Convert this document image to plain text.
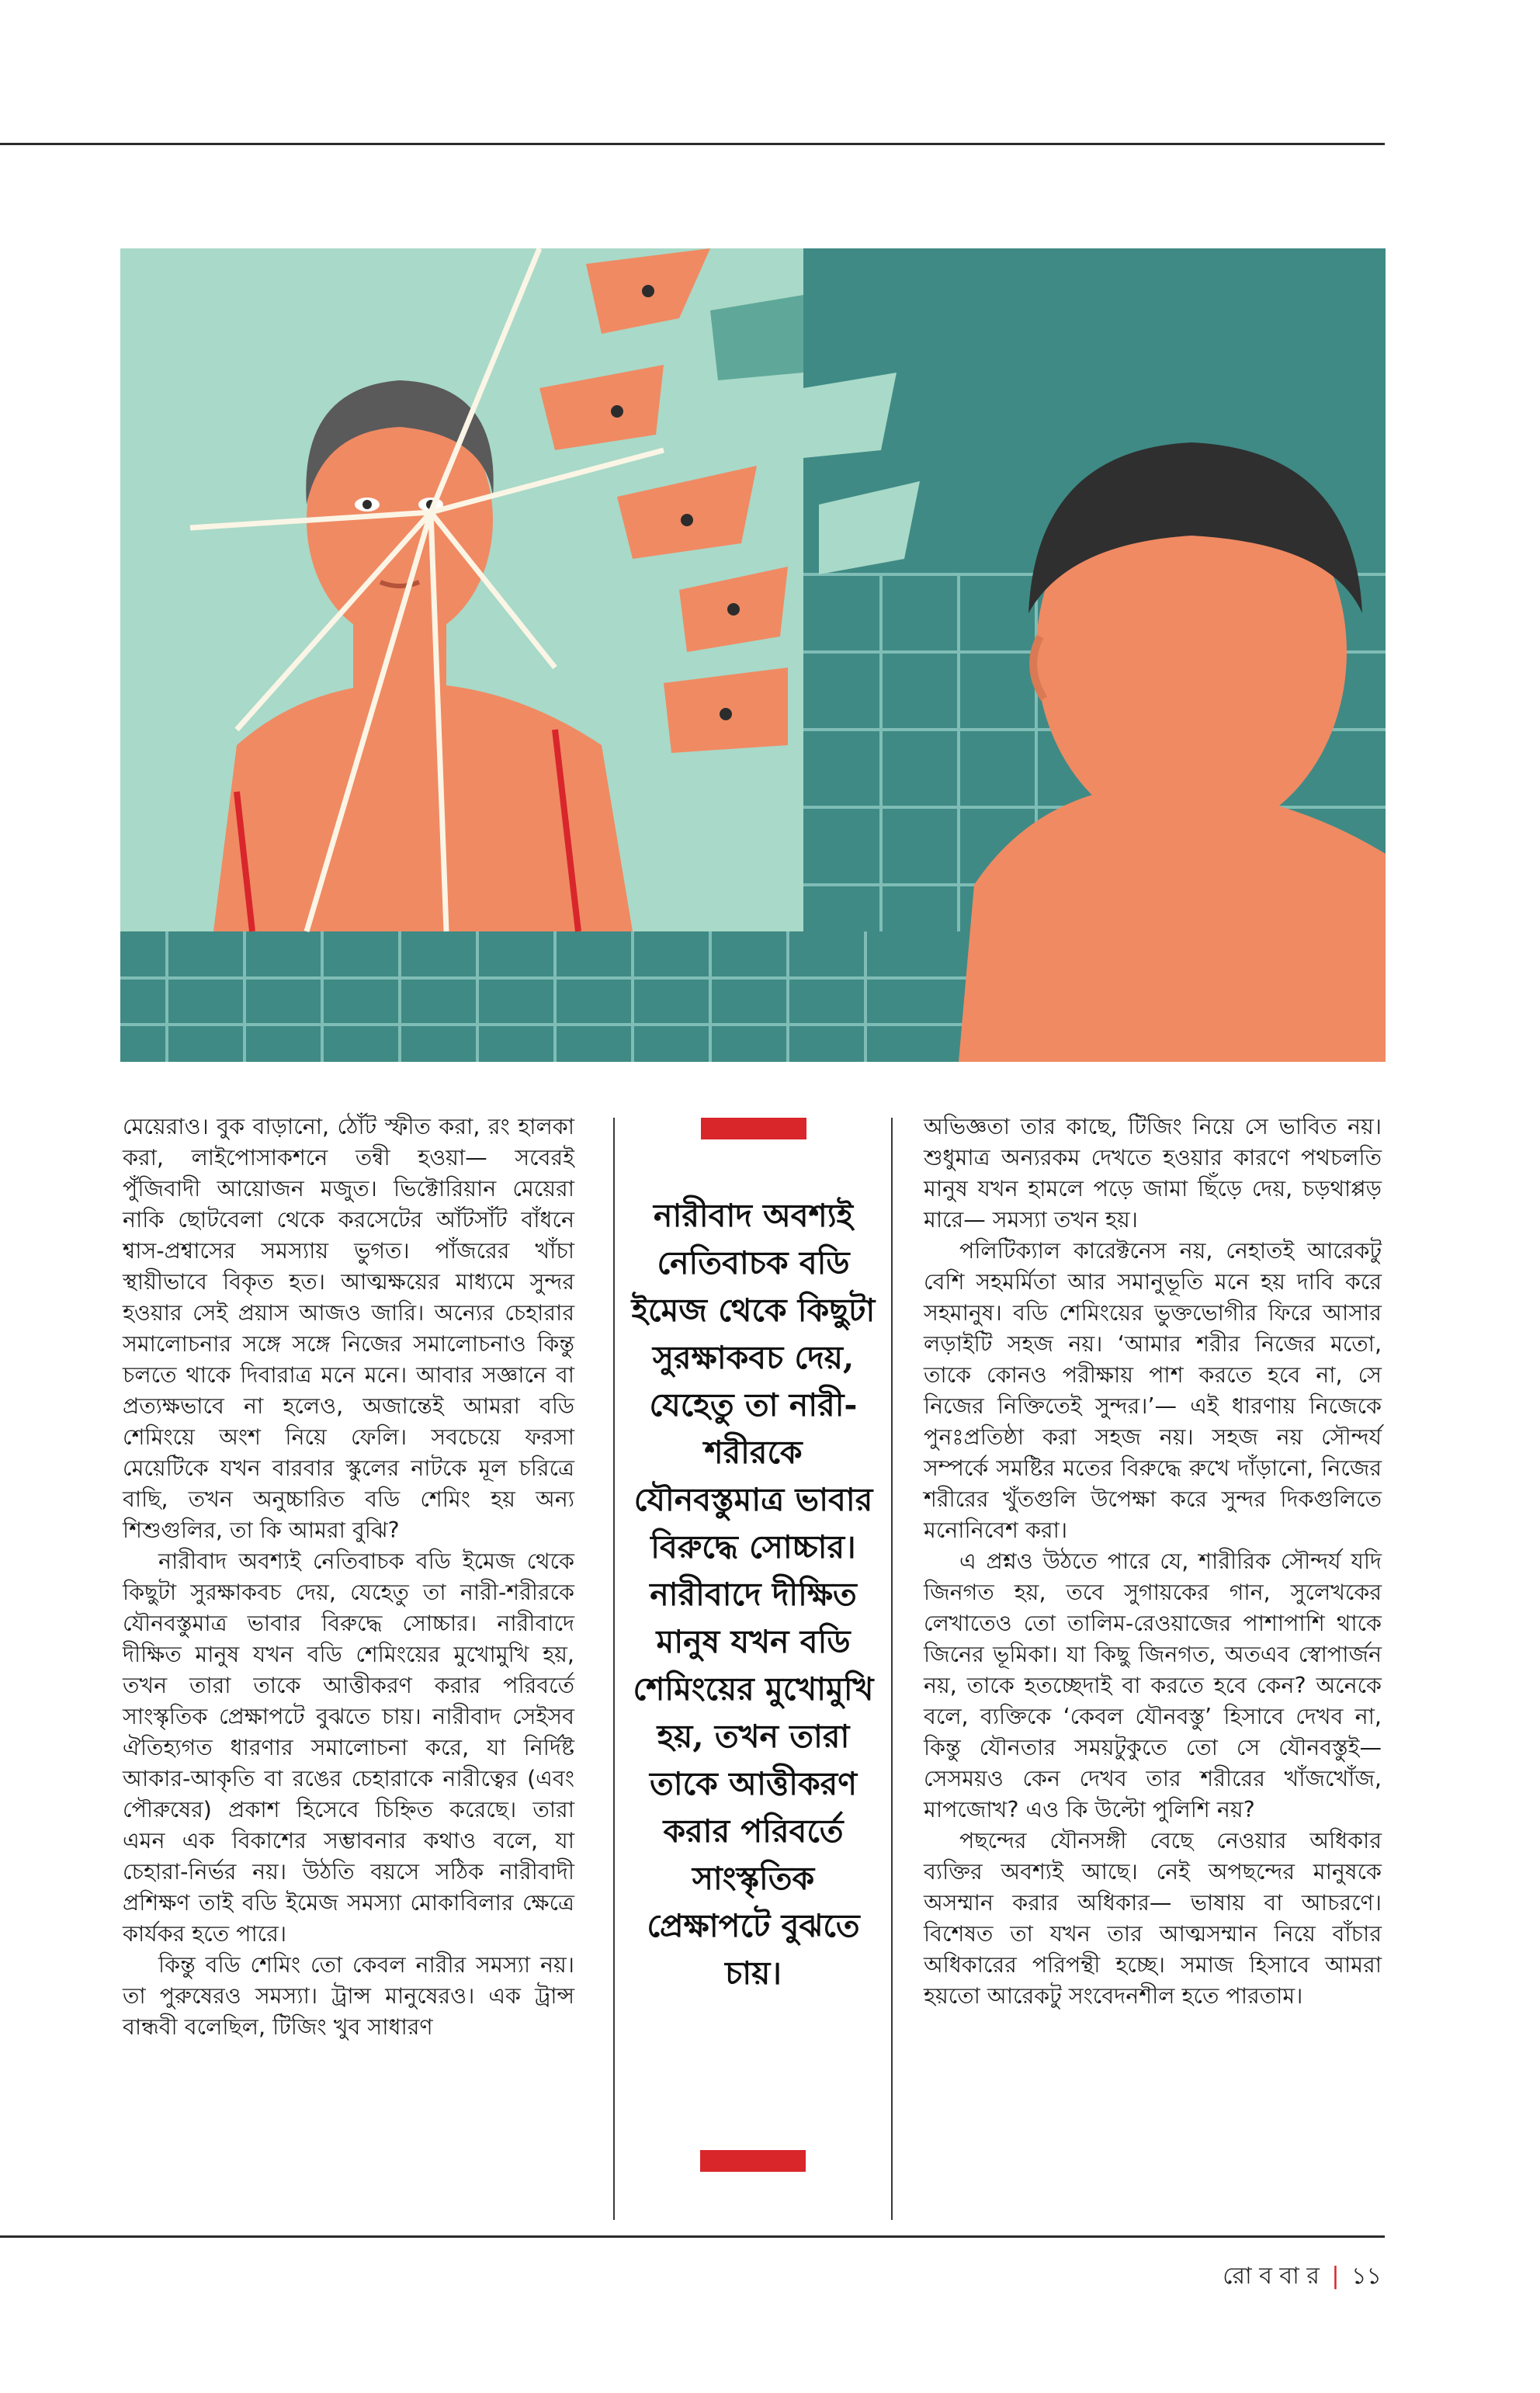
মেয়েরাও। বুক বাড়ানো, ঠোঁট স্ফীত করা, রং হালকা করা, লাইপোসাকশনে তন্বী হওয়া— সবেরই পুঁজিবাদী আয়োজন মজুত। ভিক্টোরিয়ান মেয়েরা নাকি ছোটবেলা থেকে করসেটের আঁটসাঁট বাঁধনে শ্বাস-প্রশ্বাসের সমস্যায় ভুগত। পাঁজরের খাঁচা স্থায়ীভাবে বিকৃত হত। আত্মক্ষয়ের মাধ্যমে সুন্দর হওয়ার সেই প্রয়াস আজও জারি। অন্যের চেহারার সমালোচনার সঙ্গে সঙ্গে নিজের সমালোচনাও কিন্তু চলতে থাকে দিবারাত্র মনে মনে। আবার সজ্ঞানে বা প্রত্যক্ষভাবে না হলেও, অজান্তেই আমরা বডি শেমিংয়ে অংশ নিয়ে ফেলি। সবচেয়ে ফরসা মেয়েটিকে যখন বারবার স্কুলের নাটকে মূল চরিত্রে বাছি, তখন অনুচ্চারিত বডি শেমিং হয় অন্য শিশুগুলির, তা কি আমরা বুঝি?

নারীবাদ অবশ্যই নেতিবাচক বডি ইমেজ থেকে কিছুটা সুরক্ষাকবচ দেয়, যেহেতু তা নারী-শরীরকে যৌনবস্তুমাত্র ভাবার বিরুদ্ধে সোচ্চার। নারীবাদে দীক্ষিত মানুষ যখন বডি শেমিংয়ের মুখোমুখি হয়, তখন তারা তাকে আত্তীকরণ করার পরিবর্তে সাংস্কৃতিক প্রেক্ষাপটে বুঝতে চায়। নারীবাদ সেইসব ঐতিহ্যগত ধারণার সমালোচনা করে, যা নির্দিষ্ট আকার-আকৃতি বা রঙের চেহারাকে নারীত্বের (এবং পৌরুষের) প্রকাশ হিসেবে চিহ্নিত করেছে। তারা এমন এক বিকাশের সম্ভাবনার কথাও বলে, যা চেহারা-নির্ভর নয়। উঠতি বয়সে সঠিক নারীবাদী প্রশিক্ষণ তাই বডি ইমেজ সমস্যা মোকাবিলার ক্ষেত্রে কার্যকর হতে পারে।

কিন্তু বডি শেমিং তো কেবল নারীর সমস্যা নয়। তা পুরুষেরও সমস্যা। ট্রান্স মানুষেরও। এক ট্রান্স বান্ধবী বলেছিল, টিজিং খুব সাধারণ

নারীবাদ অবশ্যই নেতিবাচক বডি ইমেজ থেকে কিছুটা সুরক্ষাকবচ দেয়, যেহেতু তা নারী-শরীরকে যৌনবস্তুমাত্র ভাবার বিরুদ্ধে সোচ্চার। নারীবাদে দীক্ষিত মানুষ যখন বডি শেমিংয়ের মুখোমুখি হয়, তখন তারা তাকে আত্তীকরণ করার পরিবর্তে সাংস্কৃতিক প্রেক্ষাপটে বুঝতে চায়।

অভিজ্ঞতা তার কাছে, টিজিং নিয়ে সে ভাবিত নয়। শুধুমাত্র অন্যরকম দেখতে হওয়ার কারণে পথচলতি মানুষ যখন হামলে পড়ে জামা ছিঁড়ে দেয়, চড়থাপ্পড় মারে— সমস্যা তখন হয়।

পলিটিক্যাল কারেক্টনেস নয়, নেহাতই আরেকটু বেশি সহমর্মিতা আর সমানুভূতি মনে হয় দাবি করে সহমানুষ। বডি শেমিংয়ের ভুক্তভোগীর ফিরে আসার লড়াইটি সহজ নয়। ‘আমার শরীর নিজের মতো, তাকে কোনও পরীক্ষায় পাশ করতে হবে না, সে নিজের নিক্তিতেই সুন্দর।’— এই ধারণায় নিজেকে পুনঃপ্রতিষ্ঠা করা সহজ নয়। সহজ নয় সৌন্দর্য সম্পর্কে সমষ্টির মতের বিরুদ্ধে রুখে দাঁড়ানো, নিজের শরীরের খুঁতগুলি উপেক্ষা করে সুন্দর দিকগুলিতে মনোনিবেশ করা।

এ প্রশ্নও উঠতে পারে যে, শারীরিক সৌন্দর্য যদি জিনগত হয়, তবে সুগায়কের গান, সুলেখকের লেখাতেও তো তালিম-রেওয়াজের পাশাপাশি থাকে জিনের ভূমিকা। যা কিছু জিনগত, অতএব স্বোপার্জন নয়, তাকে হতচ্ছেদাই বা করতে হবে কেন? অনেকে বলে, ব্যক্তিকে ‘কেবল যৌনবস্তু’ হিসাবে দেখব না, কিন্তু যৌনতার সময়টুকুতে তো সে যৌনবস্তুই— সেসময়ও কেন দেখব তার শরীরের খাঁজখোঁজ, মাপজোখ? এও কি উল্টো পুলিশি নয়?

পছন্দের যৌনসঙ্গী বেছে নেওয়ার অধিকার ব্যক্তির অবশ্যই আছে। নেই অপছন্দের মানুষকে অসম্মান করার অধিকার— ভাষায় বা আচরণে। বিশেষত তা যখন তার আত্মসম্মান নিয়ে বাঁচার অধিকারের পরিপন্থী হচ্ছে। সমাজ হিসাবে আমরা হয়তো আরেকটু সংবেদনশীল হতে পারতাম।

রো ব বা র | ১১
